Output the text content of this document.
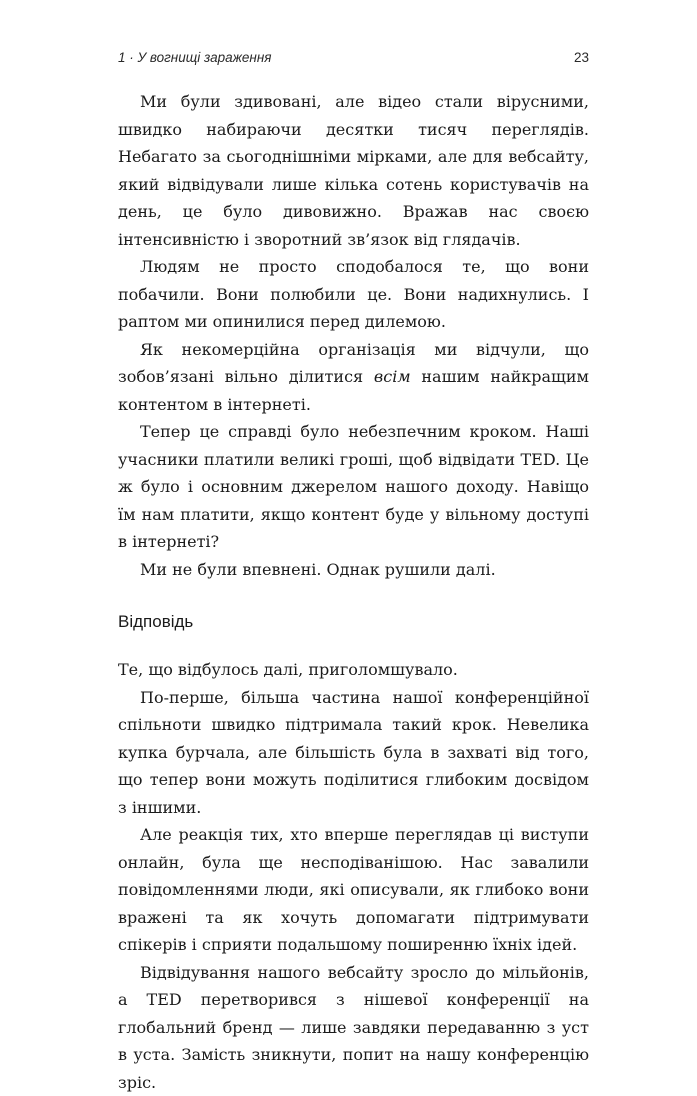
1 · У вогнищі зараження	23

Ми були здивовані, але відео стали вірусними, швидко набираючи десятки тисяч переглядів. Небагато за сьогоднішніми мірками, але для вебсайту, який відвідували лише кілька сотень користувачів на день, це було дивовижно. Вражав нас своєю інтенсивністю і зворотний зв’язок від глядачів.

Людям не просто сподобалося те, що вони побачили. Вони полюбили це. Вони надихнулись. І раптом ми опинилися перед дилемою.

Як некомерційна організація ми відчули, що зобов’язані вільно ділитися всім нашим найкращим контентом в інтернеті.

Тепер це справді було небезпечним кроком. Наші учасники платили великі гроші, щоб відвідати TED. Це ж було і основним джерелом нашого доходу. Навіщо їм нам платити, якщо контент буде у вільному доступі в інтернеті?

Ми не були впевнені. Однак рушили далі.

Відповідь

Те, що відбулось далі, приголомшувало.

По-перше, більша частина нашої конференційної спільноти швидко підтримала такий крок. Невелика купка бурчала, але більшість була в захваті від того, що тепер вони можуть поділитися глибоким досвідом з іншими.

Але реакція тих, хто вперше переглядав ці виступи онлайн, була ще несподіванішою. Нас завалили повідомленнями люди, які описували, як глибоко вони вражені та як хочуть допомагати підтримувати спікерів і сприяти подальшому поширенню їхніх ідей.

Відвідування нашого вебсайту зросло до мільйонів, а TED перетворився з нішевої конференції на глобальний бренд — лише завдяки передаванню з уст в уста. Замість зникнути, попит на нашу конференцію зріс.
